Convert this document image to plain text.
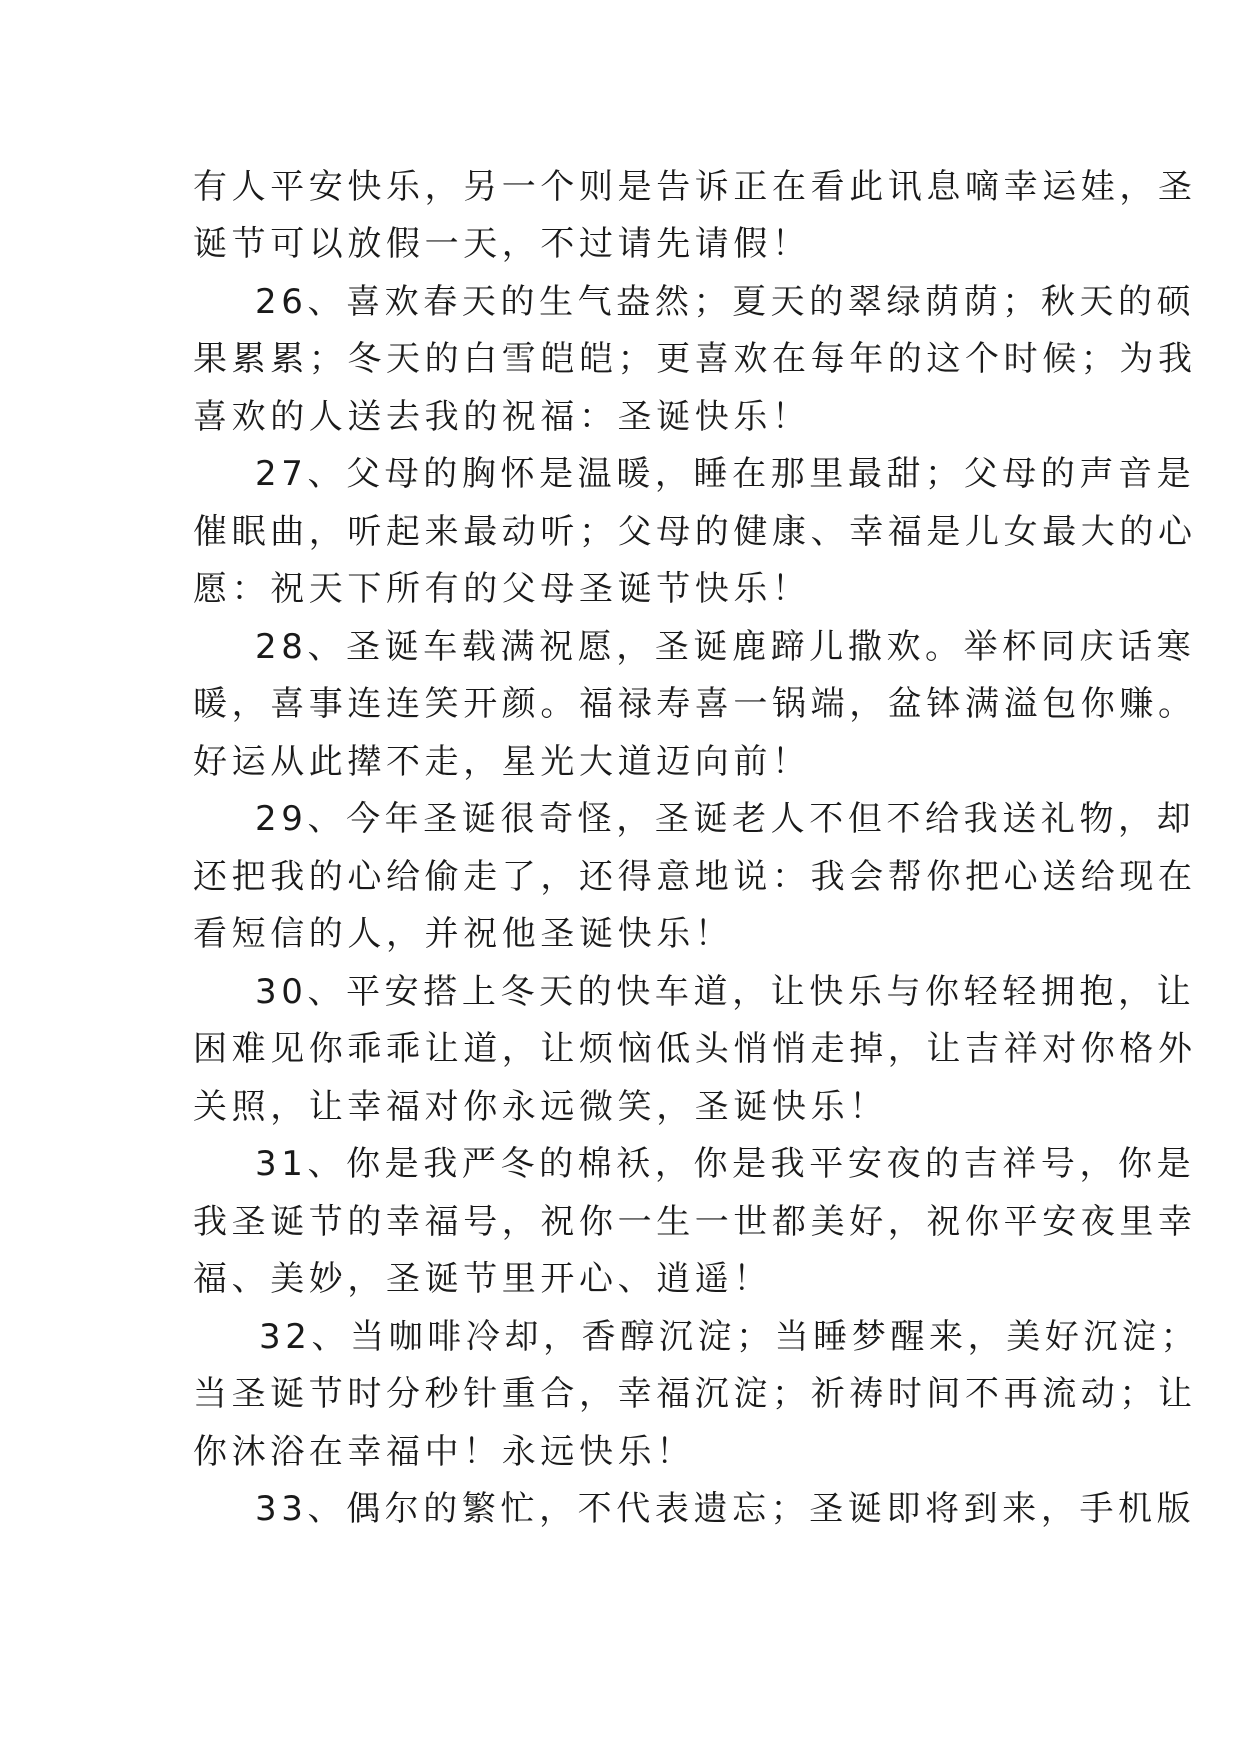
有人平安快乐，另一个则是告诉正在看此讯息嘀幸运娃，圣
诞节可以放假一天，不过请先请假！
26、喜欢春天的生气盎然；夏天的翠绿荫荫；秋天的硕
果累累；冬天的白雪皑皑；更喜欢在每年的这个时候；为我
喜欢的人送去我的祝福：圣诞快乐！
27、父母的胸怀是温暖，睡在那里最甜；父母的声音是
催眠曲，听起来最动听；父母的健康、幸福是儿女最大的心
愿：祝天下所有的父母圣诞节快乐！
28、圣诞车载满祝愿，圣诞鹿蹄儿撒欢。举杯同庆话寒
暖，喜事连连笑开颜。福禄寿喜一锅端，盆钵满溢包你赚。
好运从此撵不走，星光大道迈向前！
29、今年圣诞很奇怪，圣诞老人不但不给我送礼物，却
还把我的心给偷走了，还得意地说：我会帮你把心送给现在
看短信的人，并祝他圣诞快乐！
30、平安搭上冬天的快车道，让快乐与你轻轻拥抱，让
困难见你乖乖让道，让烦恼低头悄悄走掉，让吉祥对你格外
关照，让幸福对你永远微笑，圣诞快乐！
31、你是我严冬的棉袄，你是我平安夜的吉祥号，你是
我圣诞节的幸福号，祝你一生一世都美好，祝你平安夜里幸
福、美妙，圣诞节里开心、逍遥！
32、当咖啡冷却，香醇沉淀；当睡梦醒来，美好沉淀；
当圣诞节时分秒针重合，幸福沉淀；祈祷时间不再流动；让
你沐浴在幸福中！永远快乐！
33、偶尔的繁忙，不代表遗忘；圣诞即将到来，手机版
